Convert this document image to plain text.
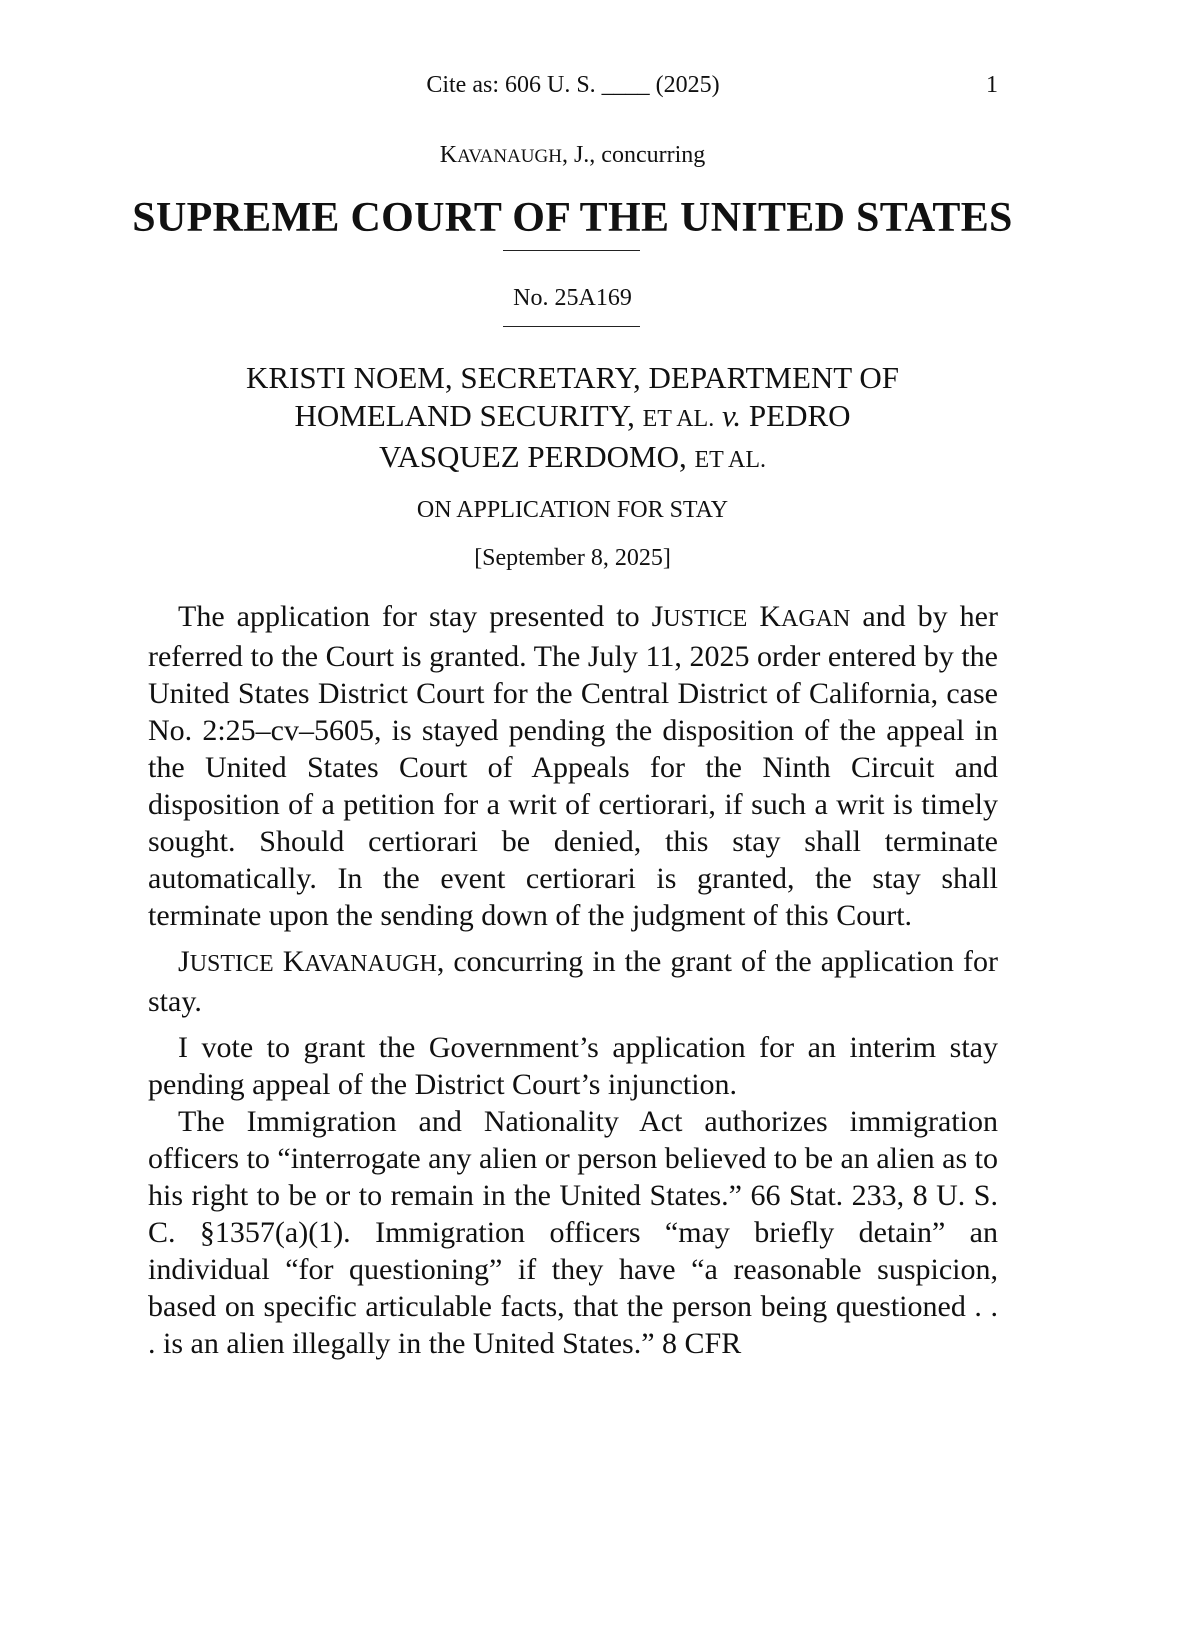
Cite as: 606 U. S. ____ (2025)	1
KAVANAUGH, J., concurring
SUPREME COURT OF THE UNITED STATES
No. 25A169
KRISTI NOEM, SECRETARY, DEPARTMENT OF
HOMELAND SECURITY, ET AL. v. PEDRO
VASQUEZ PERDOMO, ET AL.
ON APPLICATION FOR STAY
[September 8, 2025]

The application for stay presented to JUSTICE KAGAN and by her referred to the Court is granted. The July 11, 2025 order entered by the United States District Court for the Central District of California, case No. 2:25–cv–5605, is stayed pending the disposition of the appeal in the United States Court of Appeals for the Ninth Circuit and disposition of a petition for a writ of certiorari, if such a writ is timely sought. Should certiorari be denied, this stay shall terminate automatically. In the event certiorari is granted, the stay shall terminate upon the sending down of the judgment of this Court.

JUSTICE KAVANAUGH, concurring in the grant of the application for stay.

I vote to grant the Government’s application for an interim stay pending appeal of the District Court’s injunction.

The Immigration and Nationality Act authorizes immigration officers to “interrogate any alien or person believed to be an alien as to his right to be or to remain in the United States.” 66 Stat. 233, 8 U. S. C. §1357(a)(1). Immigration officers “may briefly detain” an individual “for questioning” if they have “a reasonable suspicion, based on specific articulable facts, that the person being questioned . . . is an alien illegally in the United States.” 8 CFR
